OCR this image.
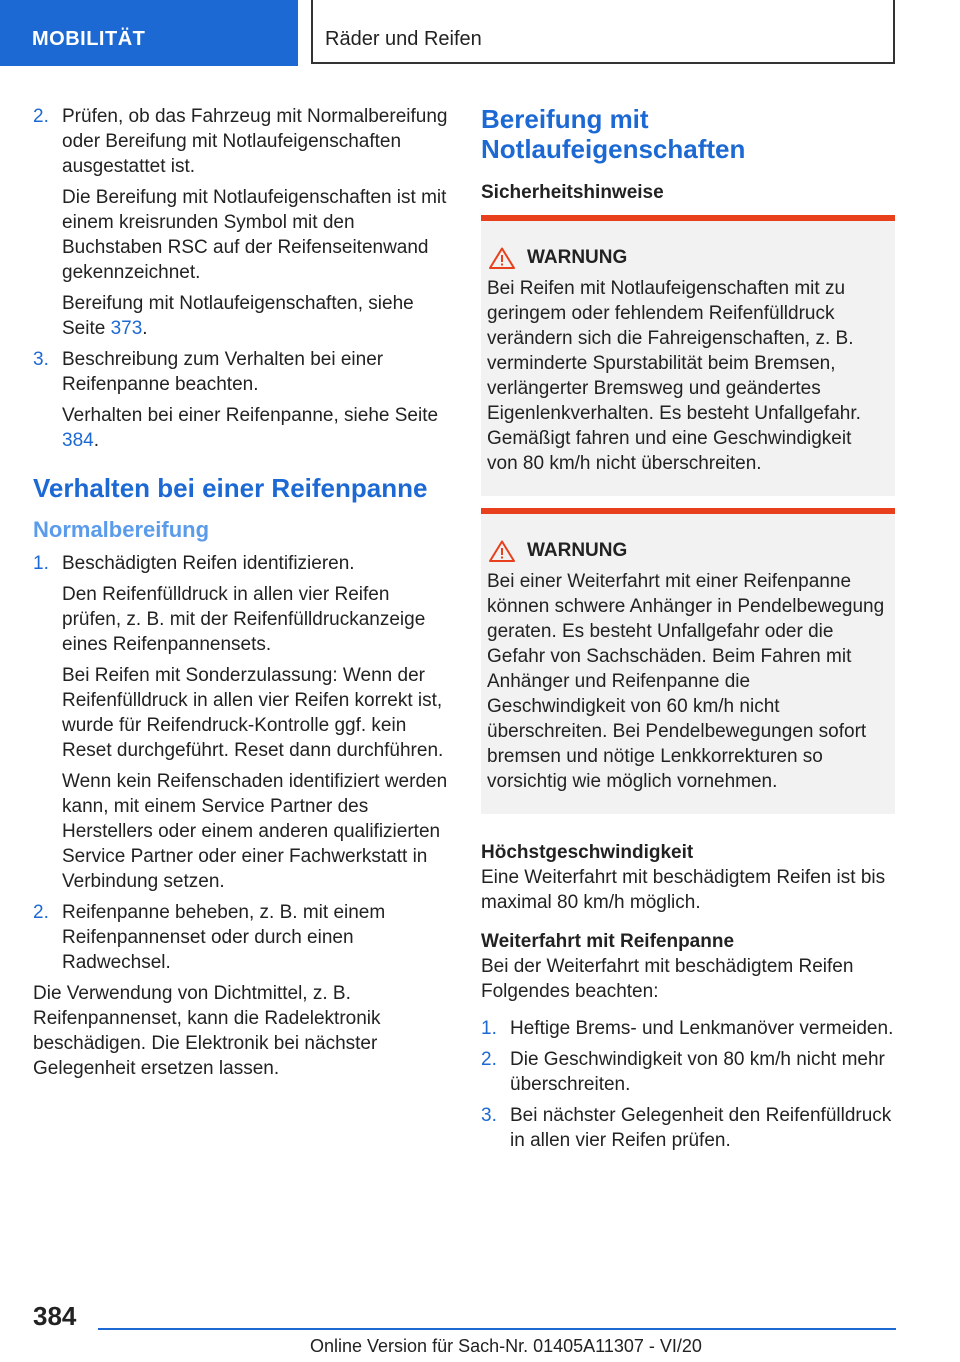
MOBILITÄT	Räder und Reifen
2. Prüfen, ob das Fahrzeug mit Normalbereifung oder Bereifung mit Notlaufeigenschaften ausgestattet ist.

Die Bereifung mit Notlaufeigenschaften ist mit einem kreisrunden Symbol mit den Buchstaben RSC auf der Reifenseitenwand gekennzeichnet.

Bereifung mit Notlaufeigenschaften, siehe Seite 373.

3. Beschreibung zum Verhalten bei einer Reifenpanne beachten.

Verhalten bei einer Reifenpanne, siehe Seite 384.

Verhalten bei einer Reifenpanne
Normalbereifung
1. Beschädigten Reifen identifizieren.

Den Reifenfülldruck in allen vier Reifen prüfen, z. B. mit der Reifenfülldruckanzeige eines Reifenpannensets.

Bei Reifen mit Sonderzulassung: Wenn der Reifenfülldruck in allen vier Reifen korrekt ist, wurde für Reifendruck-Kontrolle ggf. kein Reset durchgeführt. Reset dann durchführen.

Wenn kein Reifenschaden identifiziert werden kann, mit einem Service Partner des Herstellers oder einem anderen qualifizierten Service Partner oder einer Fachwerkstatt in Verbindung setzen.

2. Reifenpanne beheben, z. B. mit einem Reifenpannenset oder durch einen Radwechsel.

Die Verwendung von Dichtmittel, z. B. Reifenpannenset, kann die Radelektronik beschädigen. Die Elektronik bei nächster Gelegenheit ersetzen lassen.

Bereifung mit Notlaufeigenschaften

Sicherheitshinweise

WARNUNG

Bei Reifen mit Notlaufeigenschaften mit zu geringem oder fehlendem Reifenfülldruck verändern sich die Fahreigenschaften, z. B. verminderte Spurstabilität beim Bremsen, verlängerter Bremsweg und geändertes Eigenlenkverhalten. Es besteht Unfallgefahr. Gemäßigt fahren und eine Geschwindigkeit von 80 km/h nicht überschreiten.

WARNUNG

Bei einer Weiterfahrt mit einer Reifenpanne können schwere Anhänger in Pendelbewegung geraten. Es besteht Unfallgefahr oder die Gefahr von Sachschäden. Beim Fahren mit Anhänger und Reifenpanne die Geschwindigkeit von 60 km/h nicht überschreiten. Bei Pendelbewegungen sofort bremsen und nötige Lenkkorrekturen so vorsichtig wie möglich vornehmen.

Höchstgeschwindigkeit

Eine Weiterfahrt mit beschädigtem Reifen ist bis maximal 80 km/h möglich.

Weiterfahrt mit Reifenpanne

Bei der Weiterfahrt mit beschädigtem Reifen Folgendes beachten:

1. Heftige Brems- und Lenkmanöver vermeiden.

2. Die Geschwindigkeit von 80 km/h nicht mehr überschreiten.

3. Bei nächster Gelegenheit den Reifenfülldruck in allen vier Reifen prüfen.

384
Online Version für Sach-Nr. 01405A11307 - VI/20
